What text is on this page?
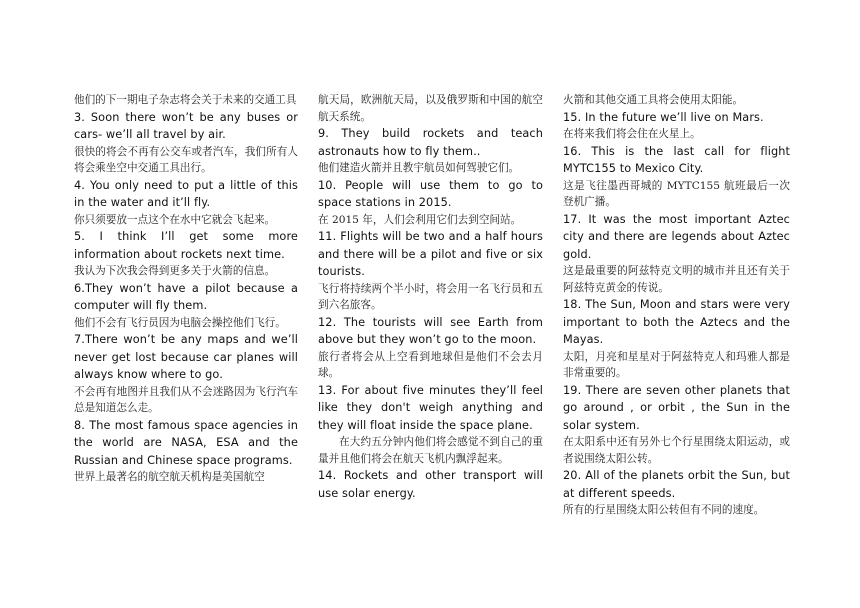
他们的下一期电子杂志将会关于未来的交通工具

3. Soon there won’t be any buses or cars- we’ll all travel by air.

很快的将会不再有公交车或者汽车，我们所有人将会乘坐空中交通工具出行。

4. You only need to put a little of this in the water and it’ll fly.

你只须要放一点这个在水中它就会飞起来。

5. I think I’ll get some more information about rockets next time.

我认为下次我会得到更多关于火箭的信息。

6.They won’t have a pilot because a computer will fly them.

他们不会有飞行员因为电脑会操控他们飞行。

7.There won’t be any maps and we’ll never get lost because car planes will always know where to go.

不会再有地图并且我们从不会迷路因为飞行汽车总是知道怎么走。

8. The most famous space agencies in the world are NASA, ESA and the Russian and Chinese space programs.

世界上最著名的航空航天机构是美国航空

航天局，欧洲航天局，以及俄罗斯和中国的航空航天系统。

9. They build rockets and teach astronauts how to fly them..

他们建造火箭并且教宇航员如何驾驶它们。

10. People will use them to go to space stations in 2015.

在 2015 年，人们会利用它们去到空间站。

11. Flights will be two and a half hours and there will be a pilot and five or six tourists.

飞行将持续两个半小时，将会用一名飞行员和五到六名旅客。

12. The tourists will see Earth from above but they won’t go to the moon.

旅行者将会从上空看到地球但是他们不会去月球。

13. For about five minutes they’ll feel like they don't weigh anything and they will float inside the space plane.

在大约五分钟内他们将会感觉不到自己的重量并且他们将会在航天飞机内飘浮起来。

14. Rockets and other transport will use solar energy.

火箭和其他交通工具将会使用太阳能。

15. In the future we’ll live on Mars.

在将来我们将会住在火星上。

16. This is the last call for flight MYTC155 to Mexico City.

这是飞往墨西哥城的 MYTC155 航班最后一次登机广播。

17. It was the most important Aztec city and there are legends about Aztec gold.

这是最重要的阿兹特克文明的城市并且还有关于阿兹特克黄金的传说。

18. The Sun, Moon and stars were very important to both the Aztecs and the Mayas.

太阳，月亮和星星对于阿兹特克人和玛雅人都是非常重要的。

19. There are seven other planets that go around , or orbit , the Sun in the solar system.

在太阳系中还有另外七个行星围绕太阳运动，或者说围绕太阳公转。

20. All of the planets orbit the Sun, but at different speeds.

所有的行星围绕太阳公转但有不同的速度。
